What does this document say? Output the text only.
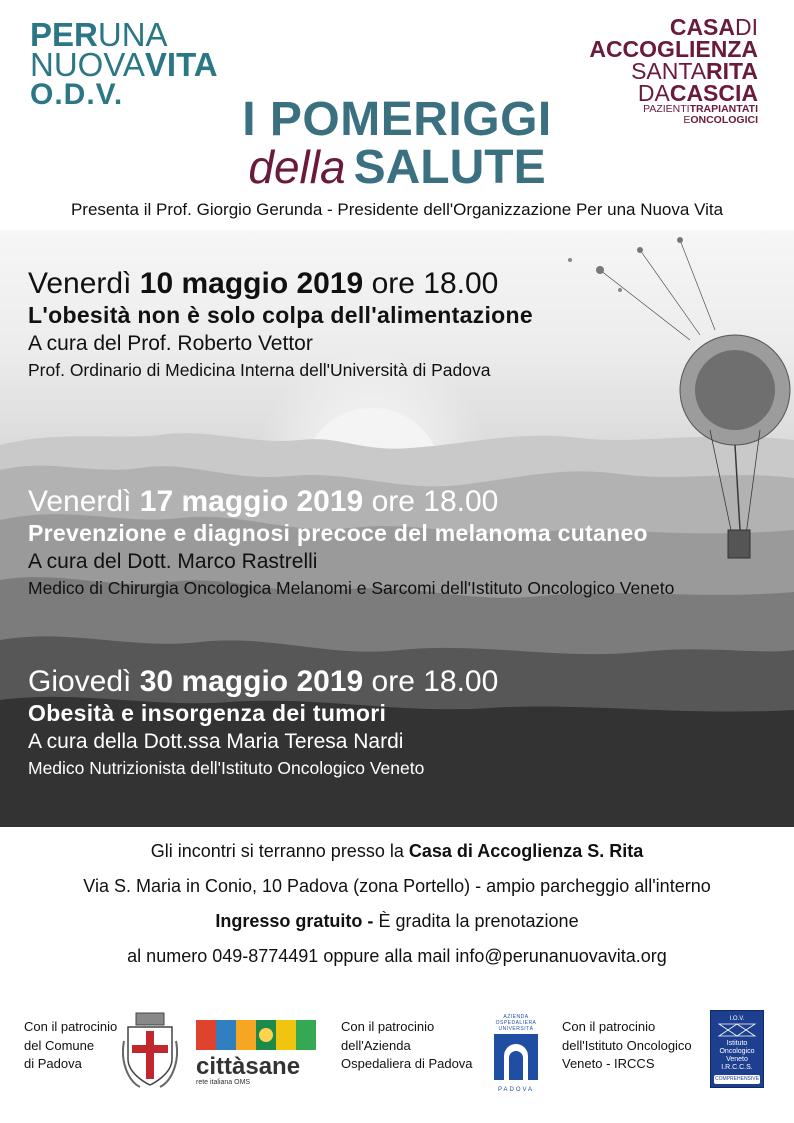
PERUNA
NUOVAVITA
O.D.V.
CASADI
ACCOGLIENZA
SANTARITA
DACASCIA
PAZIENTITRAPIANTATI
EONCOLOGICI
I POMERIGGI
della SALUTE
Presenta il Prof. Giorgio Gerunda - Presidente dell'Organizzazione Per una Nuova Vita
Venerdì 10 maggio 2019 ore 18.00
L'obesità non è solo colpa dell'alimentazione
A cura del Prof. Roberto Vettor
Prof. Ordinario di Medicina Interna dell'Università di Padova
Venerdì 17 maggio 2019 ore 18.00
Prevenzione e diagnosi precoce del melanoma cutaneo
A cura del Dott. Marco Rastrelli
Medico di Chirurgia Oncologica Melanomi e Sarcomi dell'Istituto Oncologico Veneto
Giovedì 30 maggio 2019 ore 18.00
Obesità e insorgenza dei tumori
A cura della Dott.ssa Maria Teresa Nardi
Medico Nutrizionista dell'Istituto Oncologico Veneto
Gli incontri si terranno presso la Casa di Accoglienza S. Rita
Via S. Maria in Conio, 10 Padova (zona Portello) - ampio parcheggio all'interno
Ingresso gratuito - È gradita la prenotazione
al numero 049-8774491 oppure alla mail info@perunanuovavita.org
Con il patrocinio
del Comune
di Padova	cittàsane
rete italiana OMS
Con il patrocinio
dell'Azienda
Ospedaliera di Padova
AZIENDA OSPEDALIERA UNIVERSITÀ
PADOVA
Con il patrocinio
dell'Istituto Oncologico
Veneto - IRCCS
I.O.V.
Istituto
Oncologico
Veneto
I.R.C.C.S.
COMPREHENSIVE
